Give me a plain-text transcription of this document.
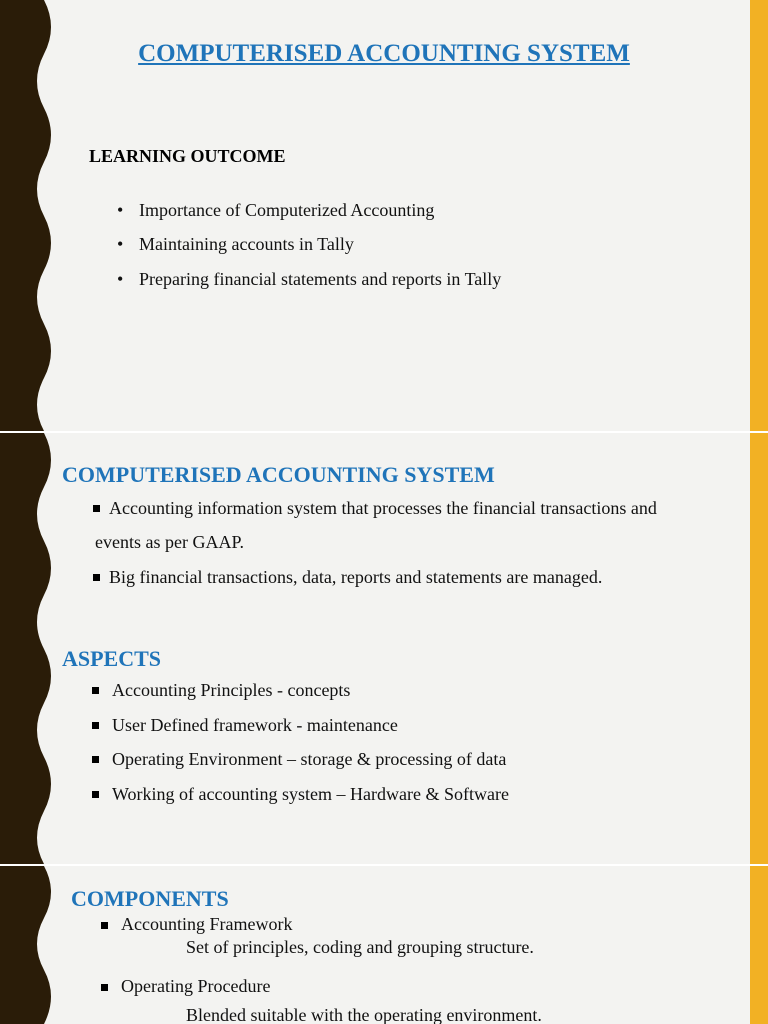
COMPUTERISED ACCOUNTING SYSTEM

LEARNING OUTCOME

• Importance of Computerized Accounting
• Maintaining accounts in Tally
• Preparing financial statements and reports in Tally

COMPUTERISED ACCOUNTING SYSTEM

Accounting information system that processes the financial transactions and

events as per GAAP.

Big financial transactions, data, reports and statements are managed.

ASPECTS

Accounting Principles - concepts

User Defined framework - maintenance

Operating Environment – storage & processing of data

Working of accounting system – Hardware & Software

COMPONENTS

Accounting Framework

Set of principles, coding and grouping structure.

Operating Procedure

Blended suitable with the operating environment.
